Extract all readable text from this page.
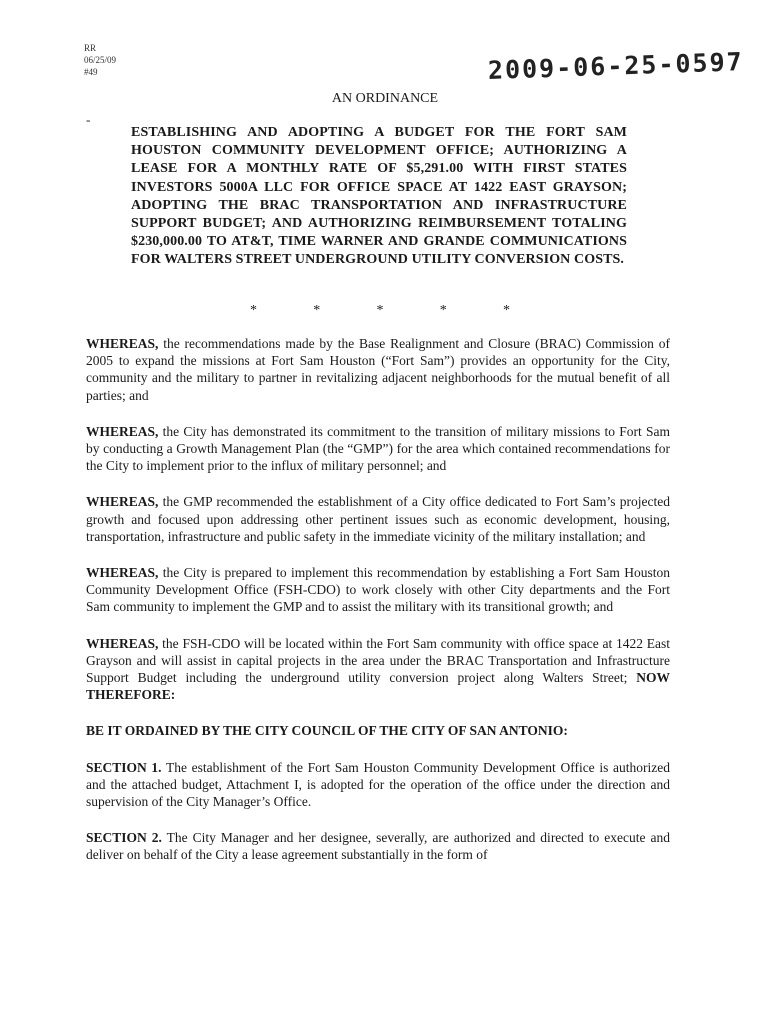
RR
06/25/09
#49	2009-06-25-0597
AN ORDINANCE
-
ESTABLISHING AND ADOPTING A BUDGET FOR THE FORT SAM HOUSTON COMMUNITY DEVELOPMENT OFFICE; AUTHORIZING A LEASE FOR A MONTHLY RATE OF $5,291.00 WITH FIRST STATES INVESTORS 5000A LLC FOR OFFICE SPACE AT 1422 EAST GRAYSON; ADOPTING THE BRAC TRANSPORTATION AND INFRASTRUCTURE SUPPORT BUDGET; AND AUTHORIZING REIMBURSEMENT TOTALING $230,000.00 TO AT&T, TIME WARNER AND GRANDE COMMUNICATIONS FOR WALTERS STREET UNDERGROUND UTILITY CONVERSION COSTS.
*	*	*	*	*

WHEREAS, the recommendations made by the Base Realignment and Closure (BRAC) Commission of 2005 to expand the missions at Fort Sam Houston (“Fort Sam”) provides an opportunity for the City, community and the military to partner in revitalizing adjacent neighborhoods for the mutual benefit of all parties; and

WHEREAS, the City has demonstrated its commitment to the transition of military missions to Fort Sam by conducting a Growth Management Plan (the “GMP”) for the area which contained recommendations for the City to implement prior to the influx of military personnel; and

WHEREAS, the GMP recommended the establishment of a City office dedicated to Fort Sam’s projected growth and focused upon addressing other pertinent issues such as economic development, housing, transportation, infrastructure and public safety in the immediate vicinity of the military installation; and

WHEREAS, the City is prepared to implement this recommendation by establishing a Fort Sam Houston Community Development Office (FSH-CDO) to work closely with other City departments and the Fort Sam community to implement the GMP and to assist the military with its transitional growth; and

WHEREAS, the FSH-CDO will be located within the Fort Sam community with office space at 1422 East Grayson and will assist in capital projects in the area under the BRAC Transportation and Infrastructure Support Budget including the underground utility conversion project along Walters Street; NOW THEREFORE:

BE IT ORDAINED BY THE CITY COUNCIL OF THE CITY OF SAN ANTONIO:

SECTION 1. The establishment of the Fort Sam Houston Community Development Office is authorized and the attached budget, Attachment I, is adopted for the operation of the office under the direction and supervision of the City Manager’s Office.

SECTION 2. The City Manager and her designee, severally, are authorized and directed to execute and deliver on behalf of the City a lease agreement substantially in the form of
